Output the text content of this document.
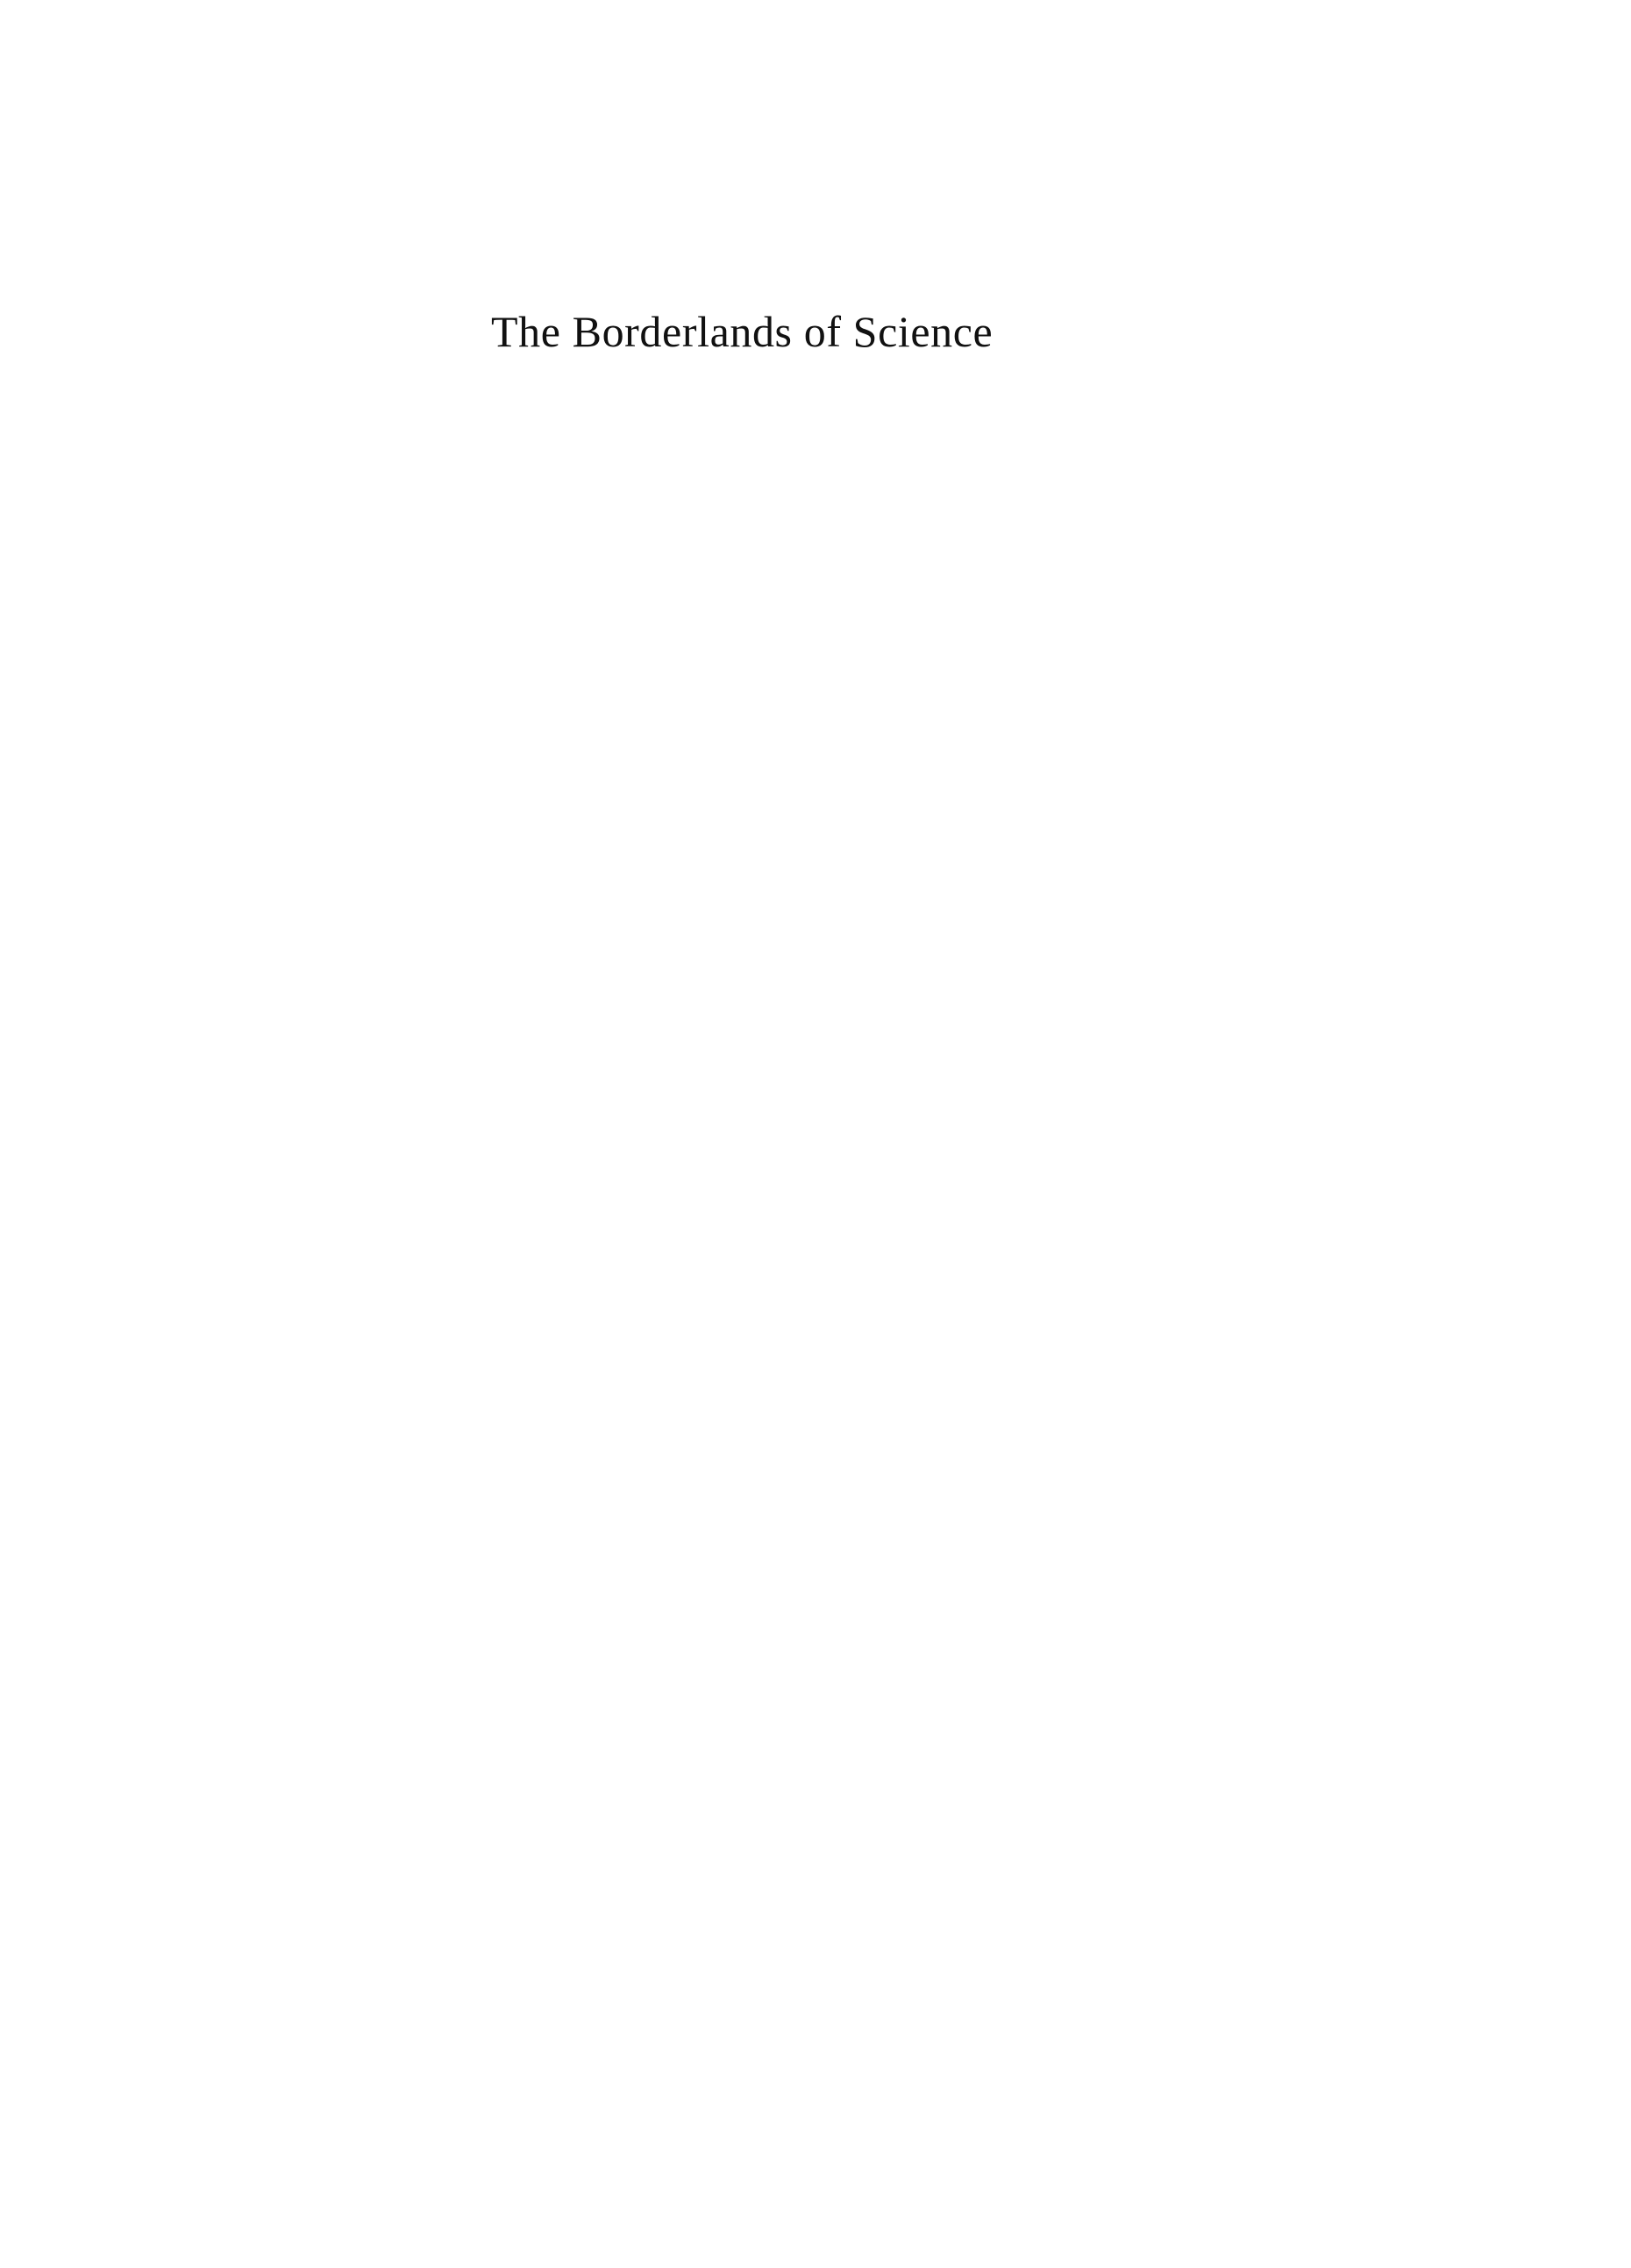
The Borderlands of Science
